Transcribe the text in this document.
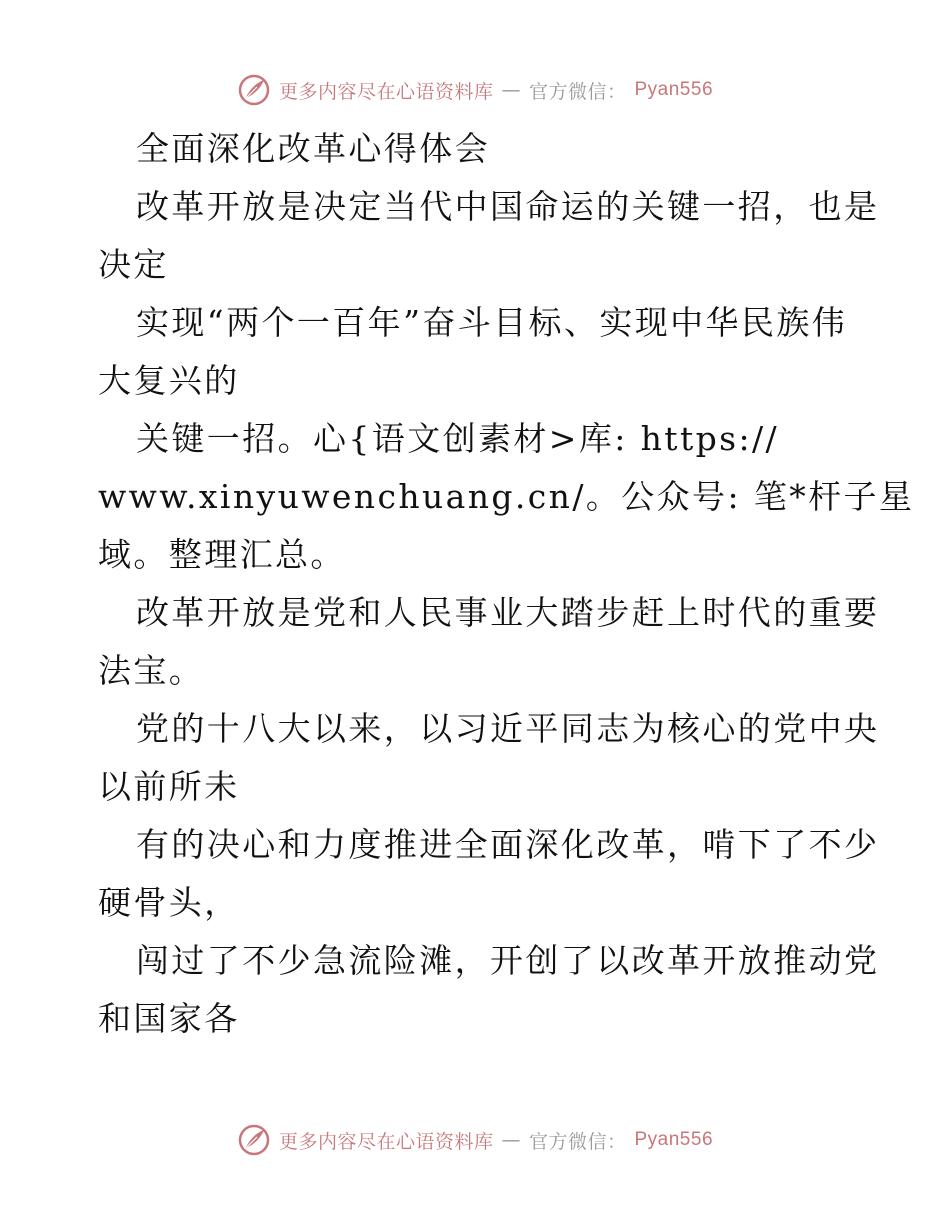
更多内容尽在心语资料库 — 官方微信： Pyan556
全面深化改革心得体会
改革开放是决定当代中国命运的关键一招，也是
决定
实现“两个一百年”奋斗目标、实现中华民族伟
大复兴的
关键一招。心{语文创素材>库: https://
www.xinyuwenchuang.cn/。公众号: 笔*杆子星
域。整理汇总。
改革开放是党和人民事业大踏步赶上时代的重要
法宝。
党的十八大以来，以习近平同志为核心的党中央
以前所未
有的决心和力度推进全面深化改革，啃下了不少
硬骨头，
闯过了不少急流险滩，开创了以改革开放推动党
和国家各
更多内容尽在心语资料库 — 官方微信： Pyan556
